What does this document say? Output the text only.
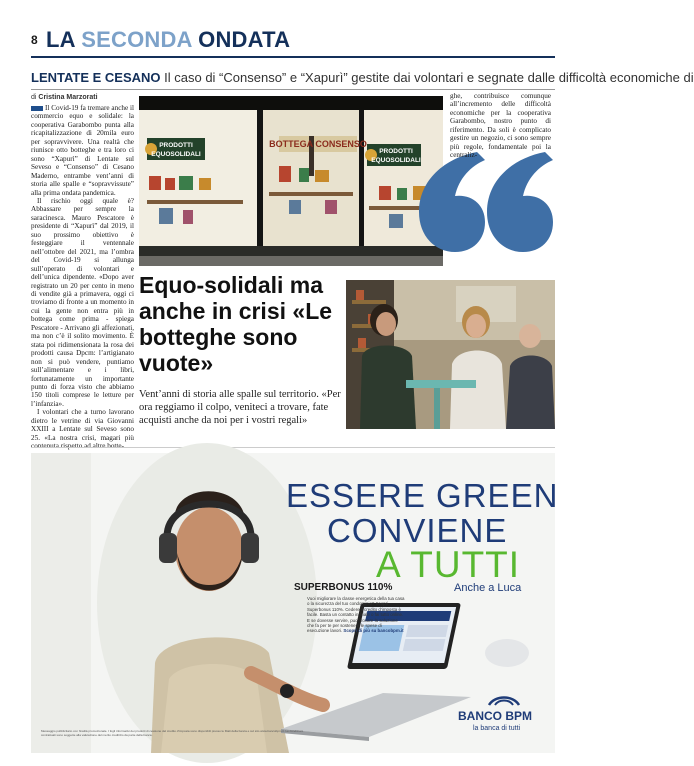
8 LA SECONDA ONDATA
LENTATE E CESANO Il caso di “Consenso” e “Xapurì” gestite dai volontari e segnate dalle difficoltà economiche di
di Cristina Marzorati

Il Covid-19 fa tremare anche il commercio equo e solidale: la cooperativa Garabombo punta alla ricapitalizzazione di 20mila euro per sopravvivere. Una realtà che riunisce otto botteghe e tra loro ci sono “Xapurì” di Lentate sul Seveso e “Consenso” di Cesano Maderno, entrambe vent’anni di storia alle spalle e “sopravvissute” alla prima ondata pandemica.

Il rischio oggi quale è? Abbassare per sempre la saracinesca. Mauro Pescatore è presidente di “Xapurì” dal 2019, il suo prossimo obiettivo è festeggiare il ventennale nell’ottobre del 2021, ma l’ombra del Covid-19 si allunga sull’operato di volontari e dell’unica dipendente. «Dopo aver registrato un 20 per cento in meno di vendite già a primavera, oggi ci troviamo di fronte a un momento in cui la gente non entra più in bottega come prima - spiega Pescatore - Arrivano gli affezionati, ma non c’è il solito movimento. È stata poi ridimensionata la rosa dei prodotti causa Dpcm: l’artigianato non si può vendere, puntiamo sull’alimentare e i libri, fortunatamente un importante punto di forza visto che abbiamo 150 titoli comprese le letture per l’infanzia».

I volontari che a turno lavorano dietro le vetrine di via Giovanni XXIII a Lentate sul Seveso sono 25. «La nostra crisi, magari più

PRODOTTI
EQUOSOLIDALI
BOTTEGA CONSENSO
PRODOTTI
EQUOSOLIDALI

ghe, contribuisce comunque all’incremento delle difficoltà economiche per la cooperativa Garabombo, nostro punto di riferimento. Da soli è complicato gestire un negozio, ci sono sempre più regole, fondamentale poi la centraliz-

Equo-solidali ma anche in crisi «Le botteghe sono vuote»
Vent’anni di storia alle spalle sul territorio. «Per ora reggiamo il colpo, veniteci a trovare, fate acquisti anche da noi per i vostri regali»
ESSERE GREEN
CONVIENE
A TUTTI
SUPERBONUS 110%	Anche a Luca
Vuoi migliorare la classe energetica della tua casa o la sicurezza del tuo condominio? Scopri Superbonus 110%. Cedere il credito d’imposta è facile. Basta un contatto in filiale o fai tutto online. E se dovesse servire, puoi trovare la soluzione che fa per te per sostenere le spese di esecuzione lavori. Scopri di più su bancobpm.it
Messaggio pubblicitario con finalità promozionale. I fogli informativi dei prodotti di cessione del credito d’imposta sono disponibili presso le filiali della banca e sul sito www.bancobpm.it. Le condizioni contrattuali sono soggette alla valutazione del merito creditizio da parte della banca.
BANCO BPM
la banca di tutti
